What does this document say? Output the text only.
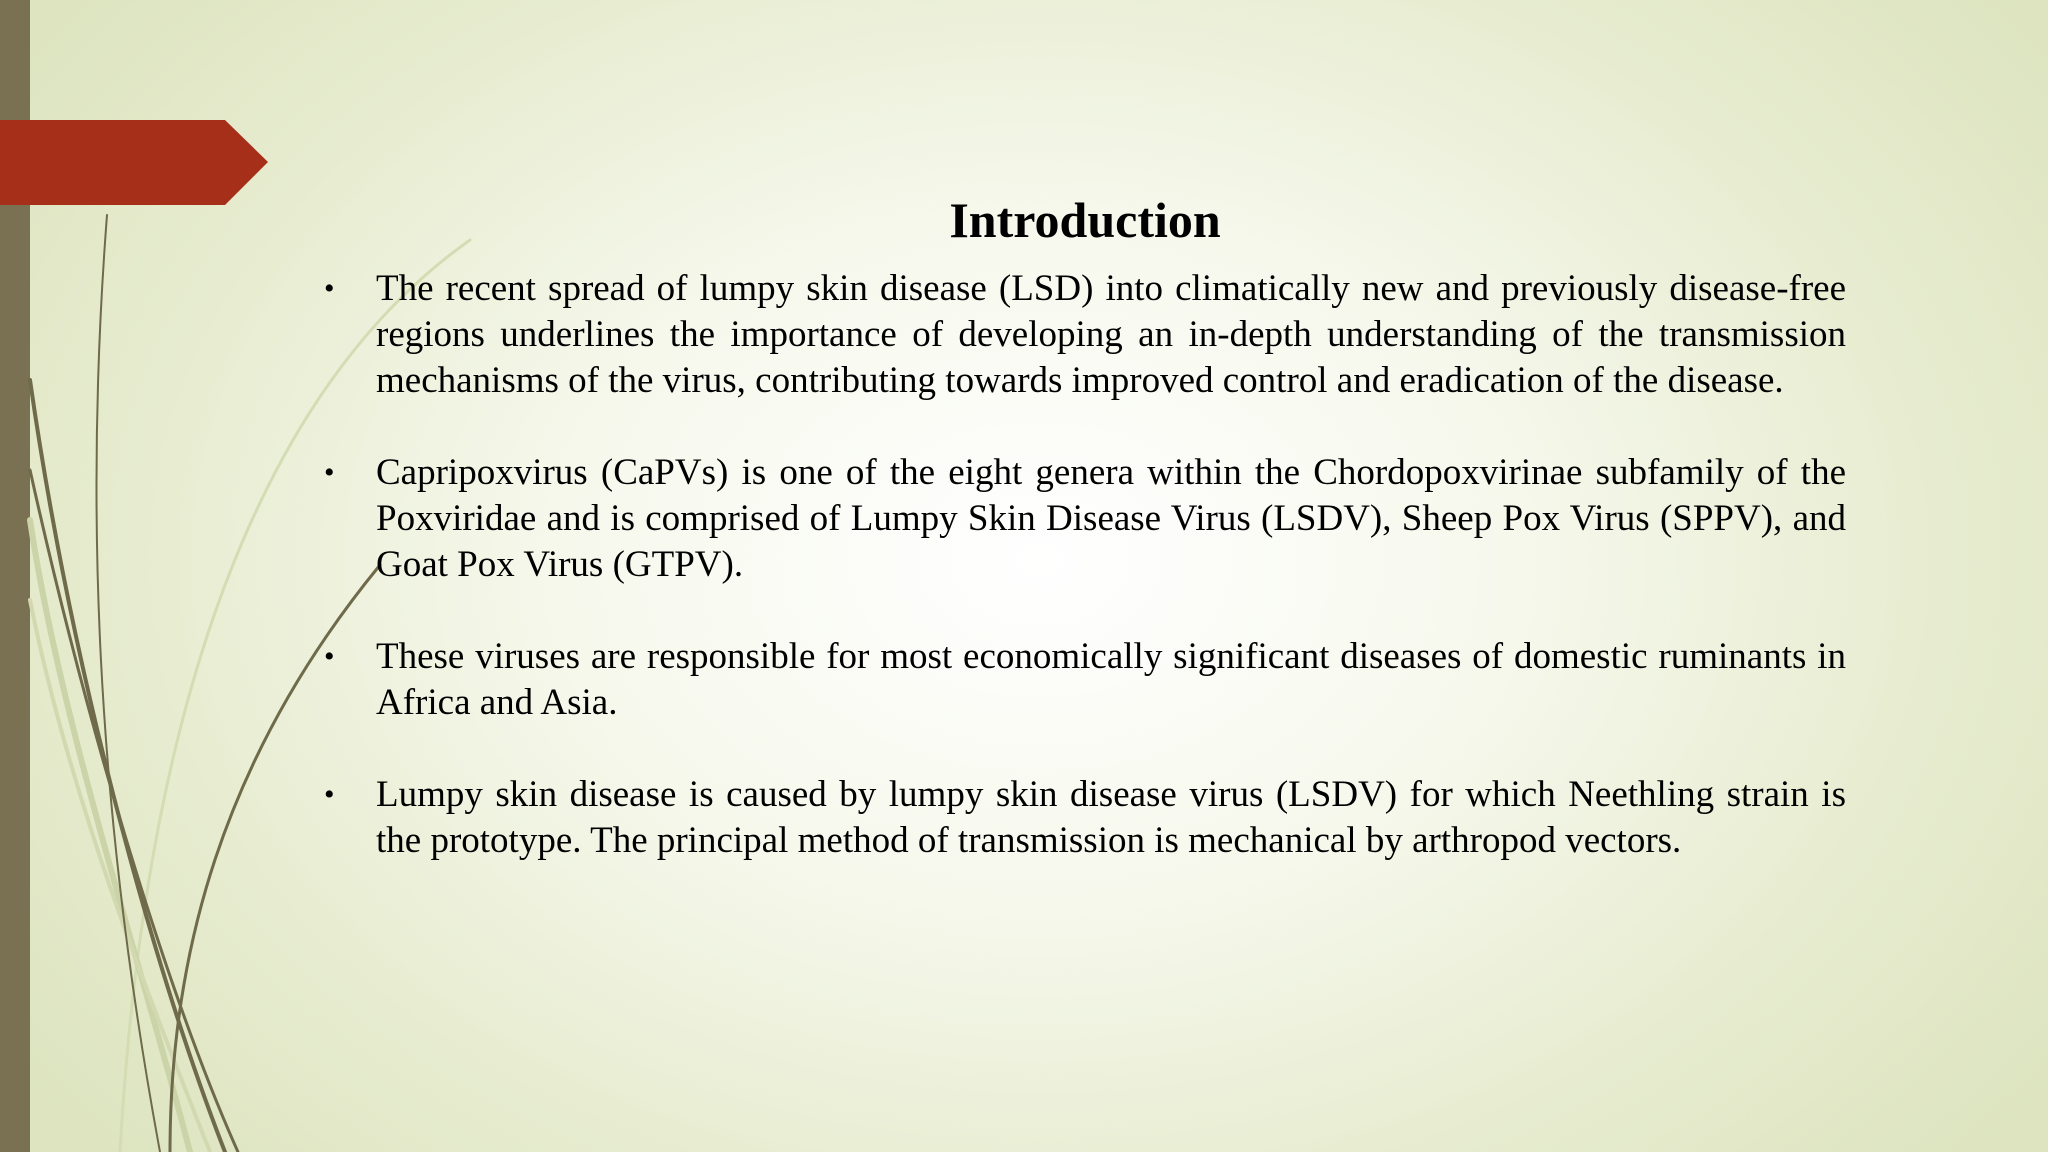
Introduction
• The recent spread of lumpy skin disease (LSD) into climatically new and previously disease-free regions underlines the importance of developing an in-depth understanding of the transmission mechanisms of the virus, contributing towards improved control and eradication of the disease.
• Capripoxvirus (CaPVs) is one of the eight genera within the Chordopoxvirinae subfamily of the Poxviridae and is comprised of Lumpy Skin Disease Virus (LSDV), Sheep Pox Virus (SPPV), and Goat Pox Virus (GTPV).
• These viruses are responsible for most economically significant diseases of domestic ruminants in Africa and Asia.
• Lumpy skin disease is caused by lumpy skin disease virus (LSDV) for which Neethling strain is the prototype. The principal method of transmission is mechanical by arthropod vectors.
